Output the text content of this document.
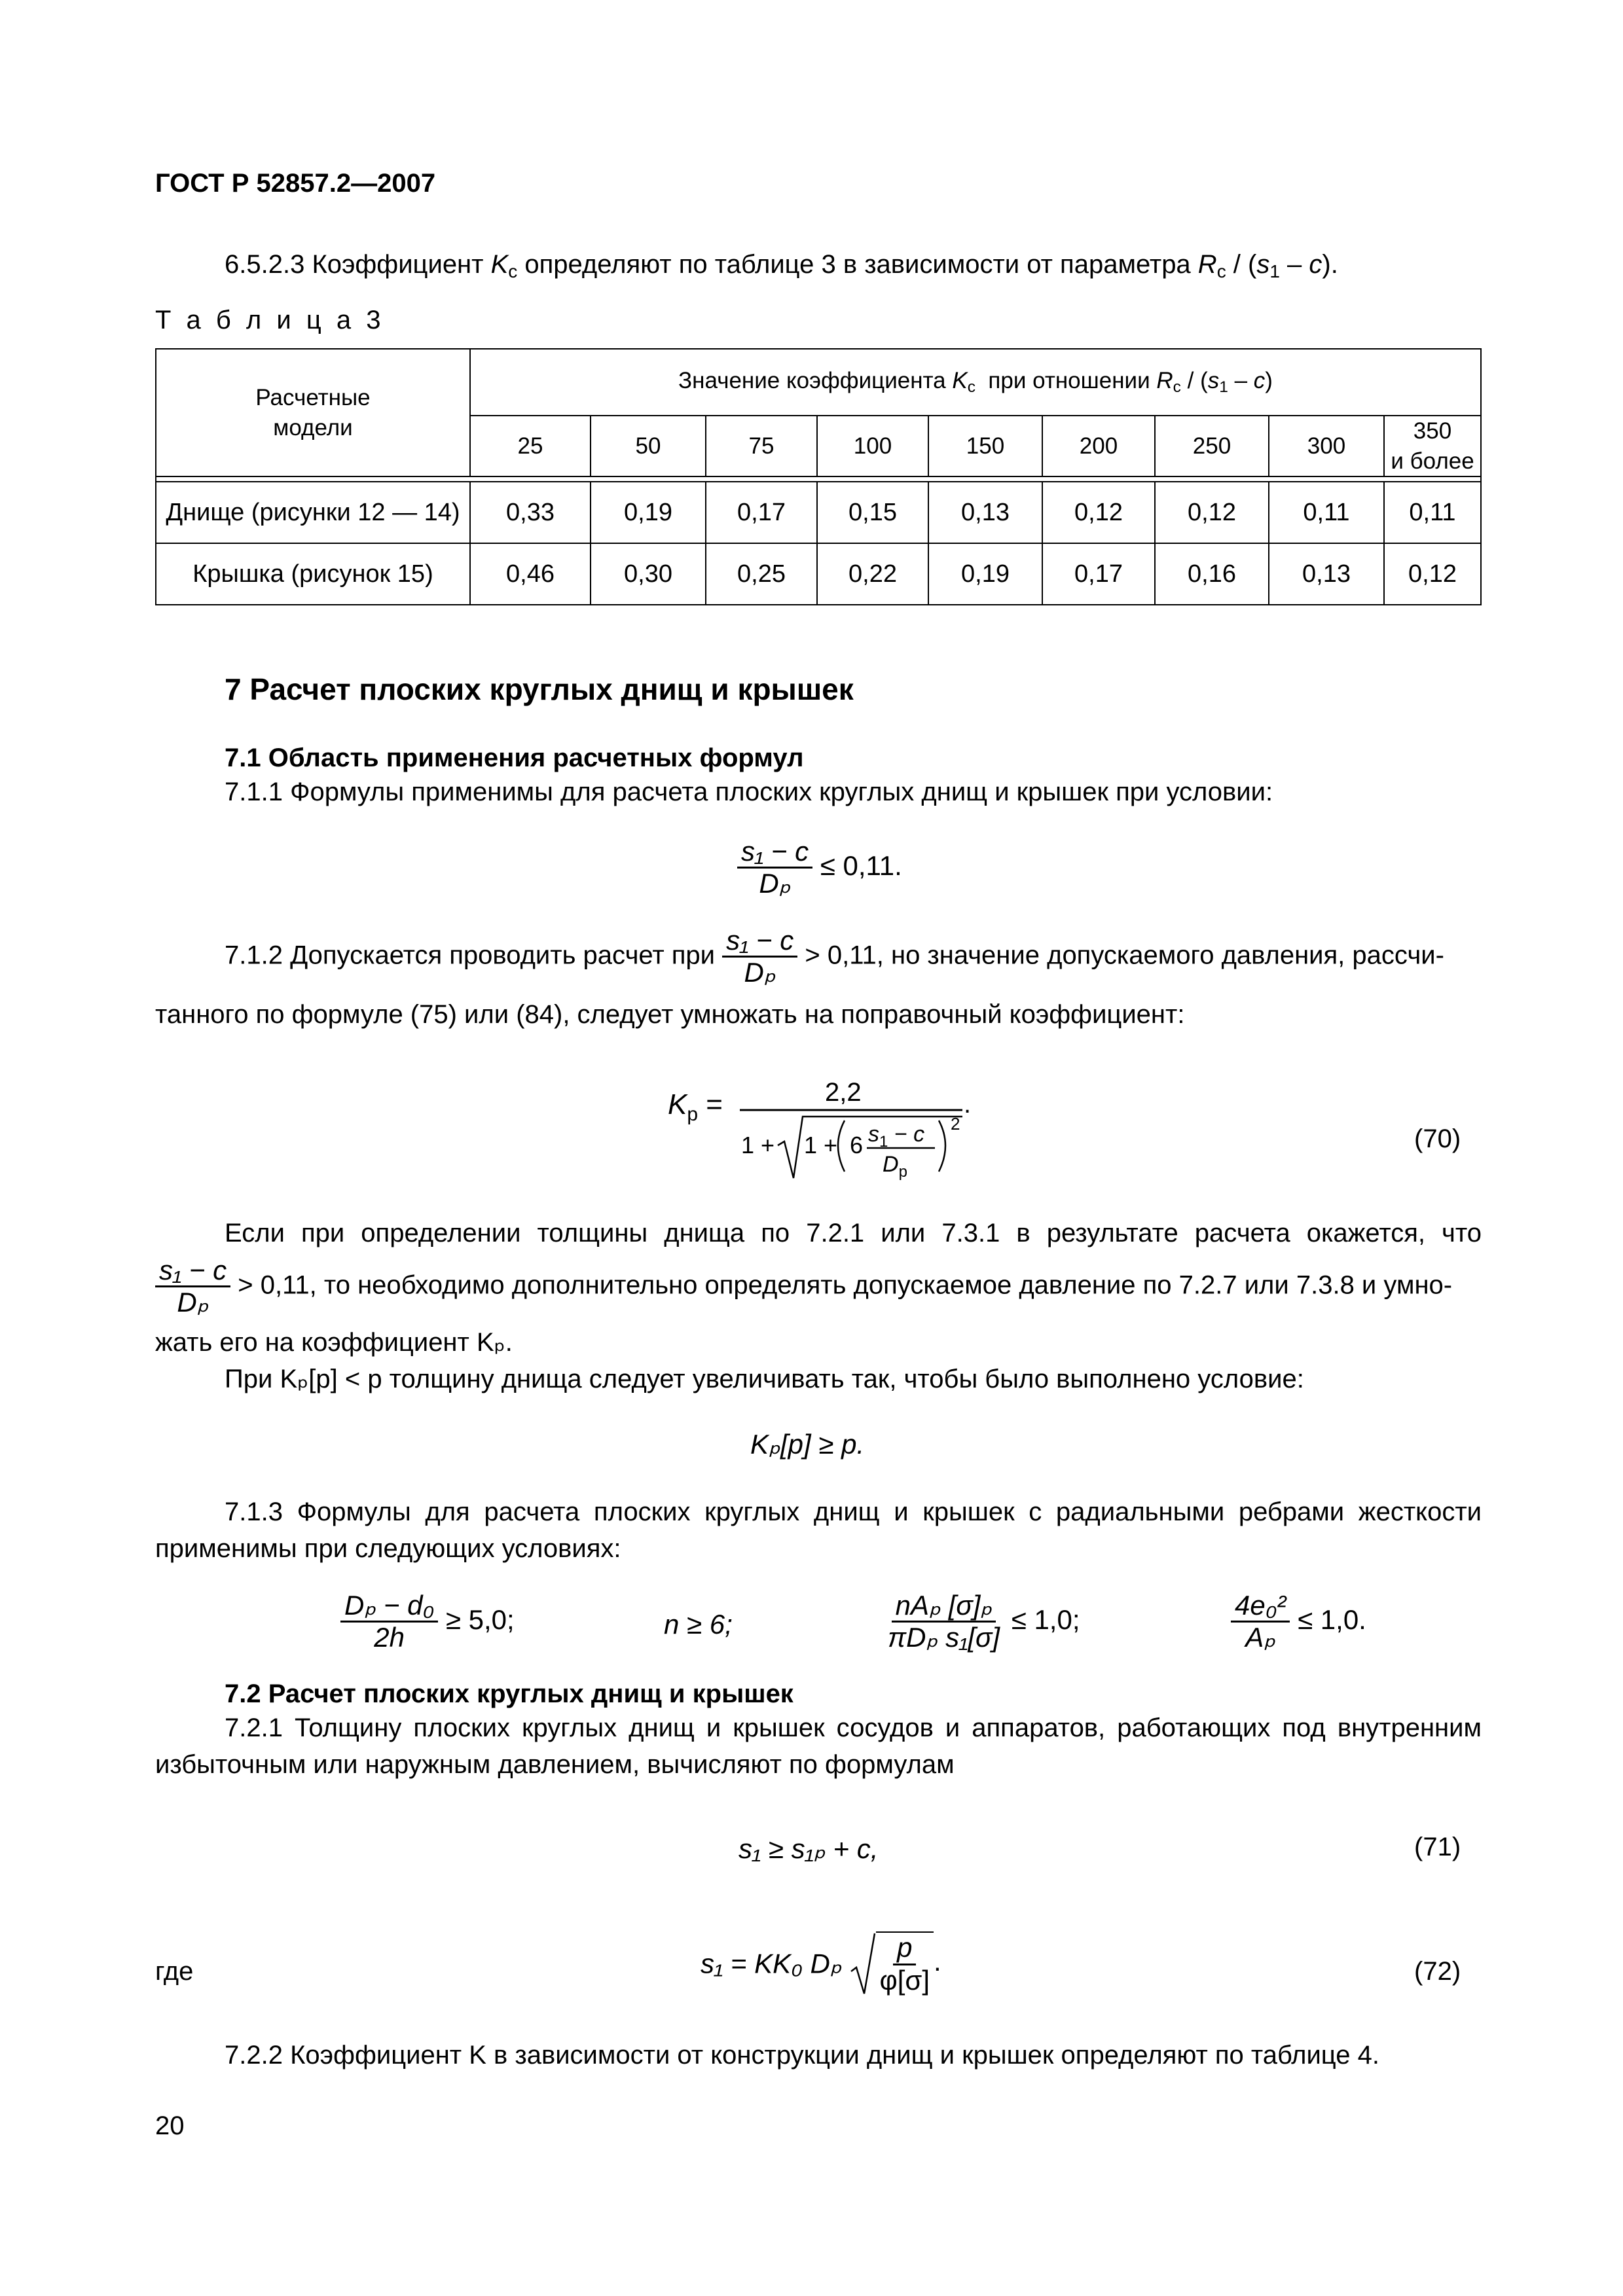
ГОСТ Р 52857.2—2007
6.5.2.3 Коэффициент $K_c$ определяют по таблице 3 в зависимости от параметра $R_c / (s_1 - c)$.
Т а б л и ц а 3
Расчетные
модели	Значение коэффициента $K_c$  при отношении $R_c / (s_1 - c)$								
	25	50	75	100	150	200	250	300	350
и более

Днище (рисунки 12 — 14)	0,33	0,19	0,17	0,15	0,13	0,12	0,12	0,11	0,11
Крышка (рисунок 15)	0,46	0,30	0,25	0,22	0,19	0,17	0,16	0,13	0,12
7 Расчет плоских круглых днищ и крышек
7.1 Область применения расчетных формул
7.1.1 Формулы применимы для расчета плоских круглых днищ и крышек при условии:
$\frac{\text{s₁ − c}}{\text{Dₚ}} \le 0,11$.
7.1.2 Допускается проводить расчет при $\frac{\text{s₁ − c}}{\text{Dₚ}} > 0,11$, но значение допускаемого давления, рассчи-
танного по формуле (75) или (84), следует умножать на поправочный коэффициент:
$K_p$ =	2,2	.
1 + 1 + 6 $s_1 - c$
$D_p$
2
(70)
Если при определении толщины днища по 7.2.1 или 7.3.1 в результате расчета окажется, что
$\frac{\text{s₁ − c}}{\text{Dₚ}} > 0,11$, то необходимо дополнительно определять допускаемое давление по 7.2.7 или 7.3.8 и умно-
жать его на коэффициент Kₚ.
При Kₚ[p] < p толщину днища следует увеличивать так, чтобы было выполнено условие:
Kₚ[p] ≥ p.
7.1.3 Формулы для расчета плоских круглых днищ и крышек с радиальными ребрами жесткости
применимы при следующих условиях:
$\frac{\text{Dₚ − d₀}}{2h} \ge 5,0$;	n ≥ 6;	$\frac{\text{nAₚ [σ]ₚ}}{\text{πDₚ s₁[σ]}} \le 1,0$;	$\frac{\text{4e₀²}}{\text{Aₚ}} \le 1,0$.
7.2 Расчет плоских круглых днищ и крышек
7.2.1 Толщину плоских круглых днищ и крышек сосудов и аппаратов, работающих под внутренним
избыточным или наружным давлением, вычисляют по формулам
s₁ ≥ s₁ₚ + c,	(71)
где	s₁ = KK₀ Dₚ $\frac{p}{\varphi[\sigma]}$ .	(72)
7.2.2 Коэффициент K в зависимости от конструкции днищ и крышек определяют по таблице 4.
20
